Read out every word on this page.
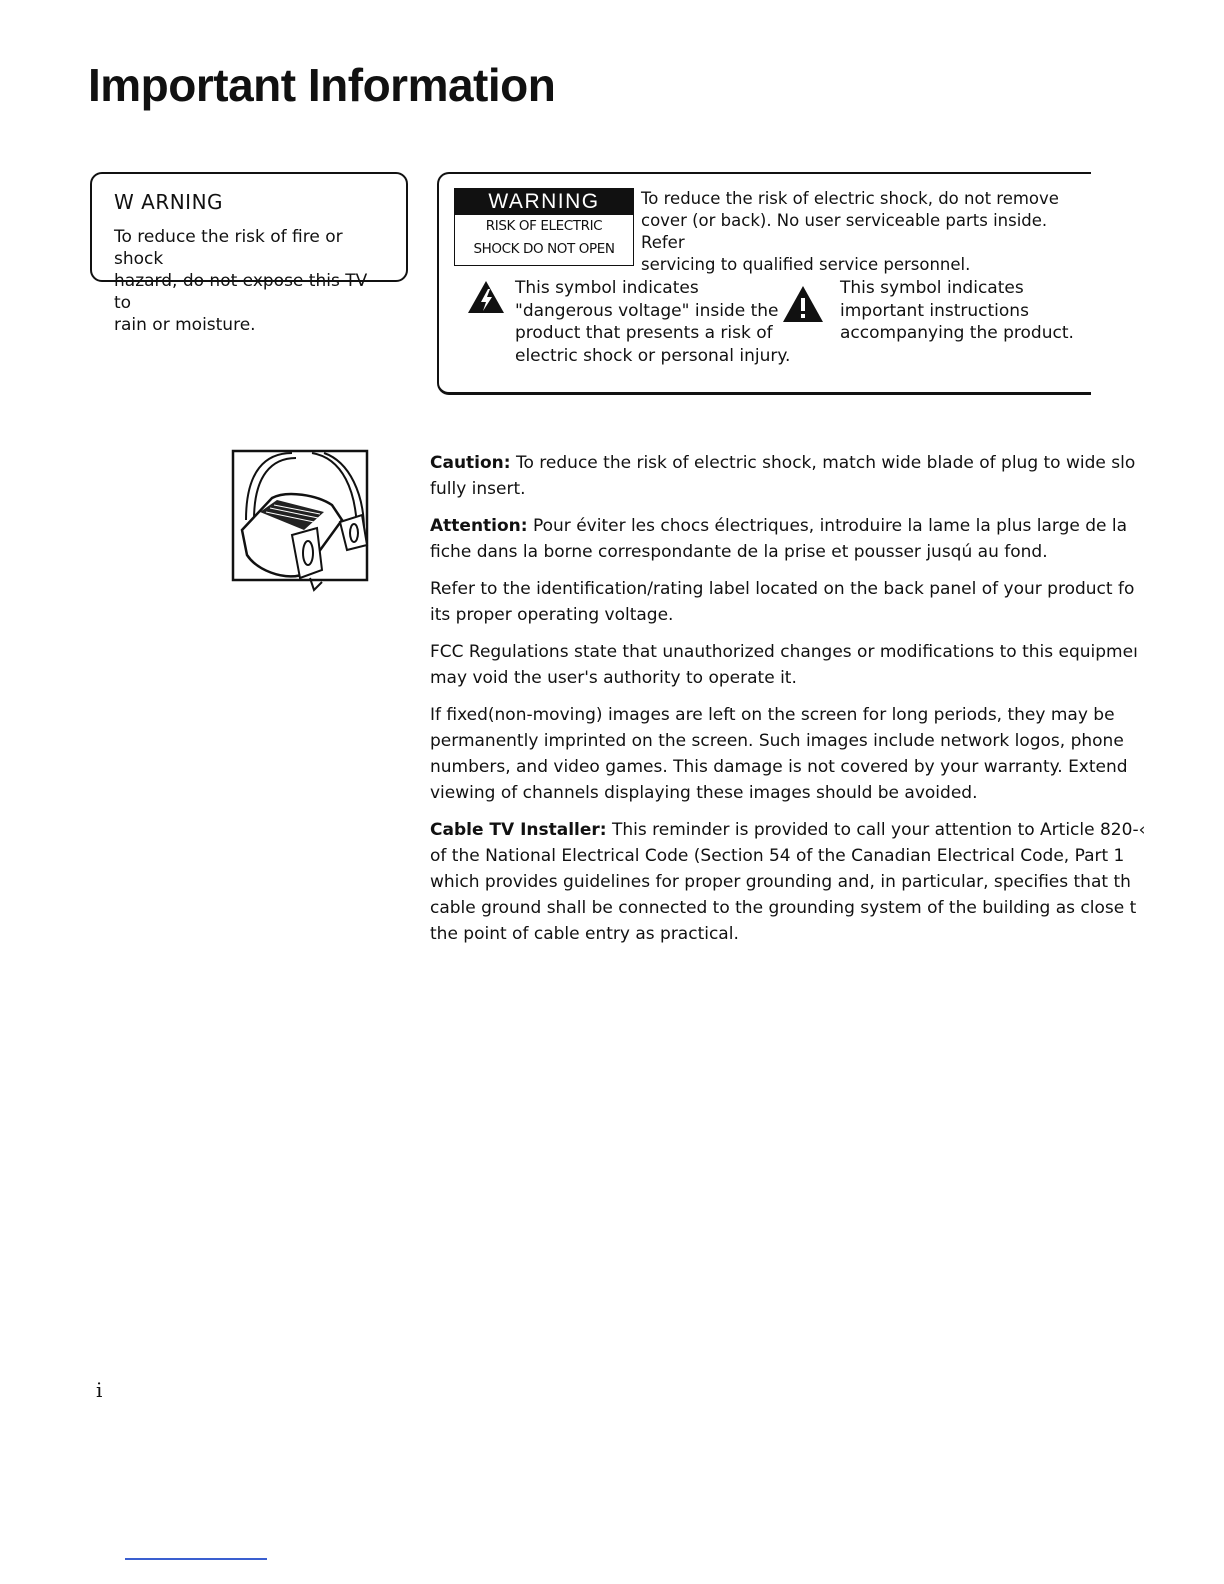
Important Information
W ARNING

To reduce the risk of fire or shock
hazard, do not expose this TV to
rain or moisture.

WARNING
RISK OF ELECTRIC
SHOCK DO NOT OPEN

To reduce the risk of electric shock, do not remove
cover (or back). No user serviceable parts inside. Refer
servicing to qualified service personnel.

This symbol indicates
"dangerous voltage" inside the
product that presents a risk of
electric shock or personal injury.

This symbol indicates
important instructions
accompanying the product.

Caution: To reduce the risk of electric shock, match wide blade of plug to wide slo
fully insert.

Attention: Pour éviter les chocs électriques, introduire la lame la plus large de la
fiche dans la borne correspondante de la prise et pousser jusqú au fond.

Refer to the identification/rating label located on the back panel of your product fo
its proper operating voltage.

FCC Regulations state that unauthorized changes or modifications to this equipmeı
may void the user's authority to operate it.

If fixed(non-moving) images are left on the screen for long periods, they may be
permanently imprinted on the screen. Such images include network logos, phone
numbers, and video games. This damage is not covered by your warranty. Extend
viewing of channels displaying these images should be avoided.

Cable TV Installer: This reminder is provided to call your attention to Article 820-‹
of the National Electrical Code (Section 54 of the Canadian Electrical Code, Part 1
which provides guidelines for proper grounding and, in particular, specifies that th
cable ground shall be connected to the grounding system of the building as close t
the point of cable entry as practical.

i
